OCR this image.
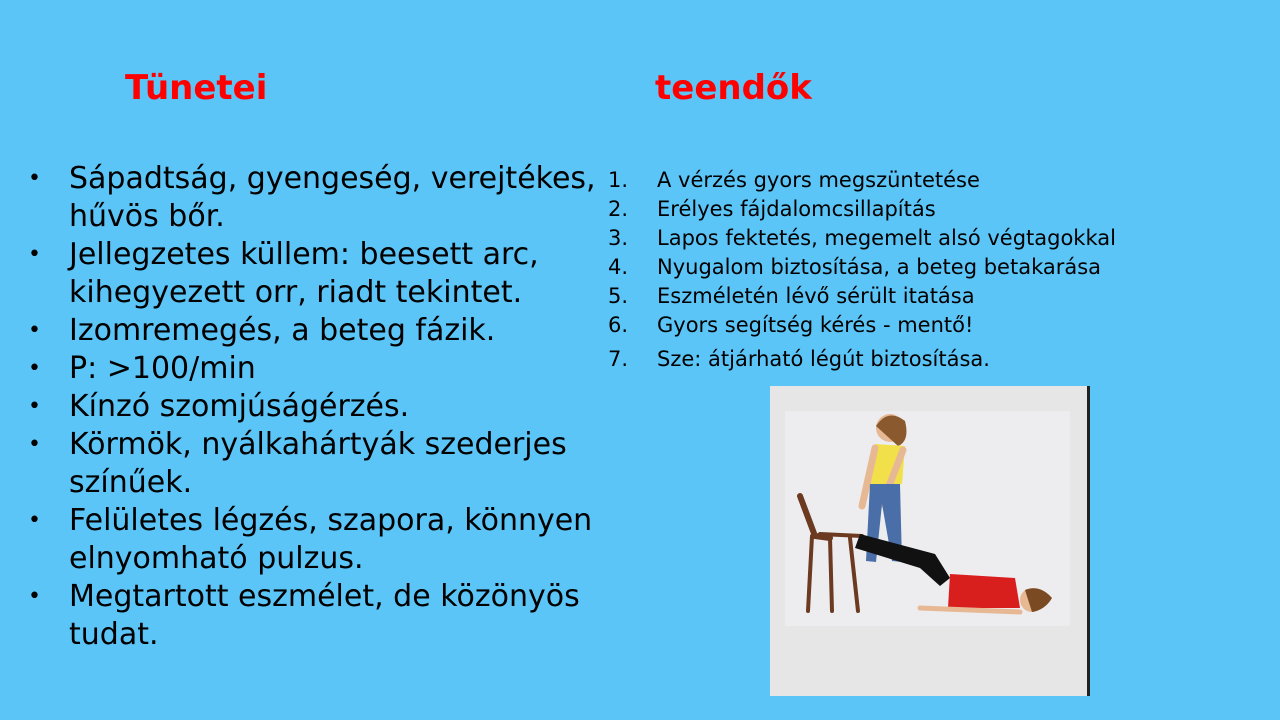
Tünetei	teendők
• Sápadtság, gyengeség, verejtékes, hűvös bőr.
• Jellegzetes küllem: beesett arc, kihegyezett orr, riadt tekintet.
• Izomremegés, a beteg fázik.
• P: >100/min
• Kínzó szomjúságérzés.
• Körmök, nyálkahártyák szederjes színűek.
• Felületes légzés, szapora, könnyen elnyomható pulzus.
• Megtartott eszmélet, de közönyös tudat.
1. A vérzés gyors megszüntetése
2. Erélyes fájdalomcsillapítás
3. Lapos fektetés, megemelt alsó végtagokkal
4. Nyugalom biztosítása, a beteg betakarása
5. Eszméletén lévő sérült itatása
6. Gyors segítség kérés - mentő!
7. Sze: átjárható légút biztosítása.
